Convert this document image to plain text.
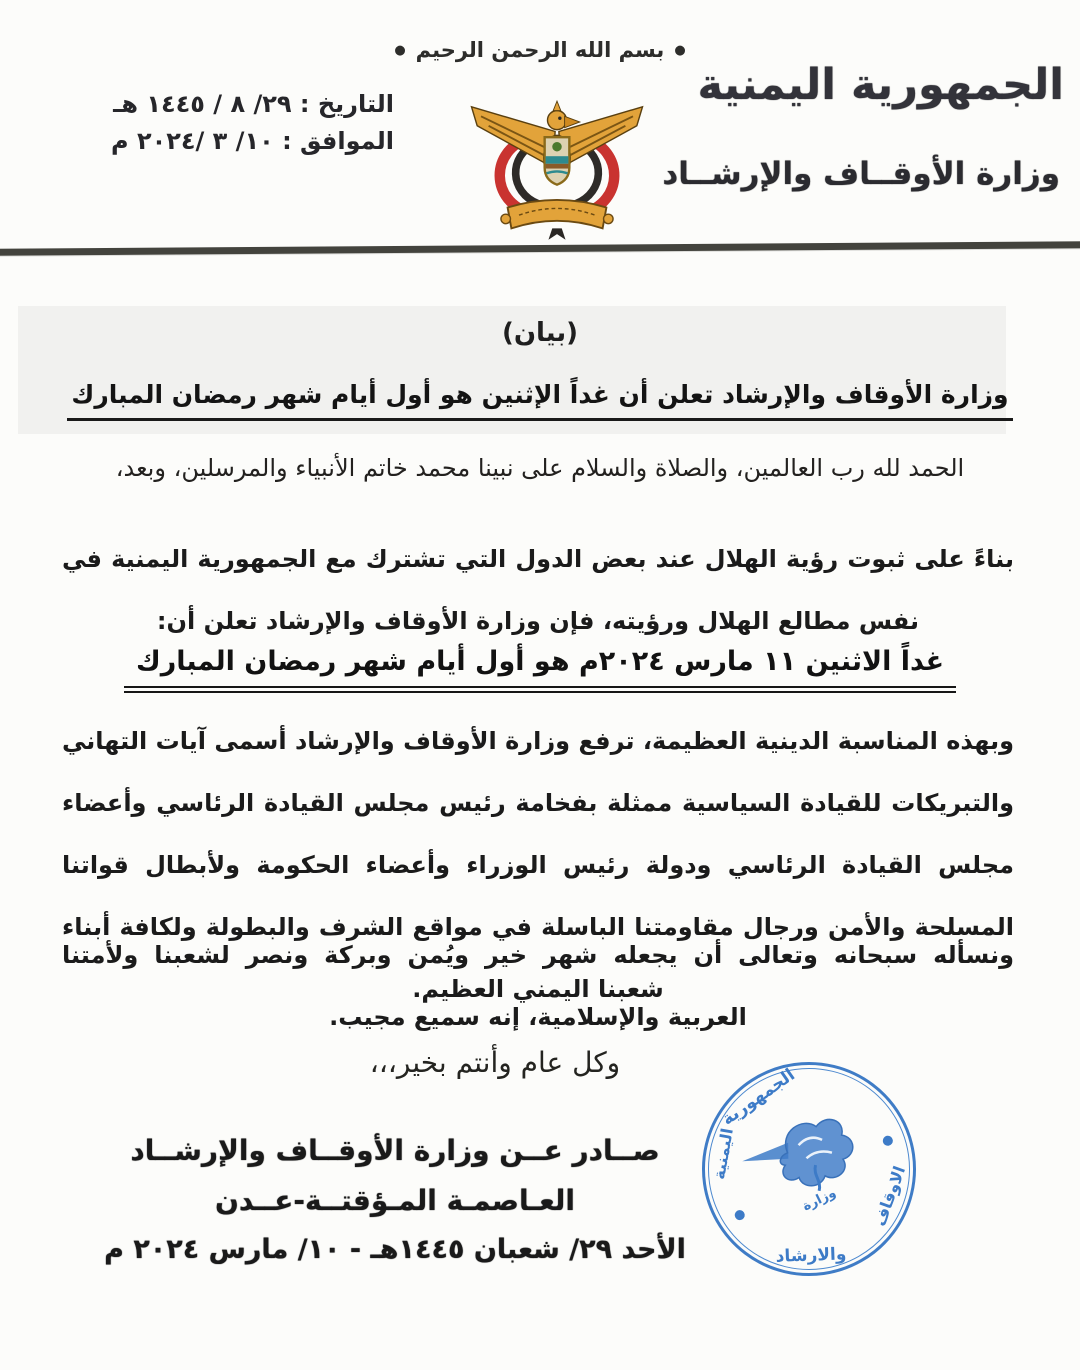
التاريخ : ٢٩/ ٨ / ١٤٤٥ هـ
الموافق : ١٠/ ٣ /٢٠٢٤ م
●بسم الله الرحمن الرحيم●
الجمهورية اليمنية
وزارة الأوقــاف والإرشــاد
(بيان)
وزارة الأوقاف والإرشاد تعلن أن غداً الإثنين هو أول أيام شهر رمضان المبارك
الحمد لله رب العالمين، والصلاة والسلام على نبينا محمد خاتم الأنبياء والمرسلين، وبعد،
بناءً على ثبوت رؤية الهلال عند بعض الدول التي تشترك مع الجمهورية اليمنية في نفس مطالع الهلال ورؤيته، فإن وزارة الأوقاف والإرشاد تعلن أن:
غداً الاثنين ١١ مارس ٢٠٢٤م هو أول أيام شهر رمضان المبارك
وبهذه المناسبة الدينية العظيمة، ترفع وزارة الأوقاف والإرشاد أسمى آيات التهاني والتبريكات للقيادة السياسية ممثلة بفخامة رئيس مجلس القيادة الرئاسي وأعضاء مجلس القيادة الرئاسي ودولة رئيس الوزراء وأعضاء الحكومة ولأبطال قواتنا المسلحة والأمن ورجال مقاومتنا الباسلة في مواقع الشرف والبطولة ولكافة أبناء شعبنا اليمني العظيم.
ونسأله سبحانه وتعالى أن يجعله شهر خير ويُمن وبركة ونصر لشعبنا ولأمتنا العربية والإسلامية، إنه سميع مجيب.
وكل عام وأنتم بخير،،،
صــادر عــن وزارة الأوقــاف والإرشــاد
العـاصمـة المـؤقتــة-عــدن
الأحد ٢٩/ شعبان ١٤٤٥هـ - ١٠/ مارس ٢٠٢٤ م
الجمهورية
اليمنية
الاوقاف
والارشاد
وزارة
